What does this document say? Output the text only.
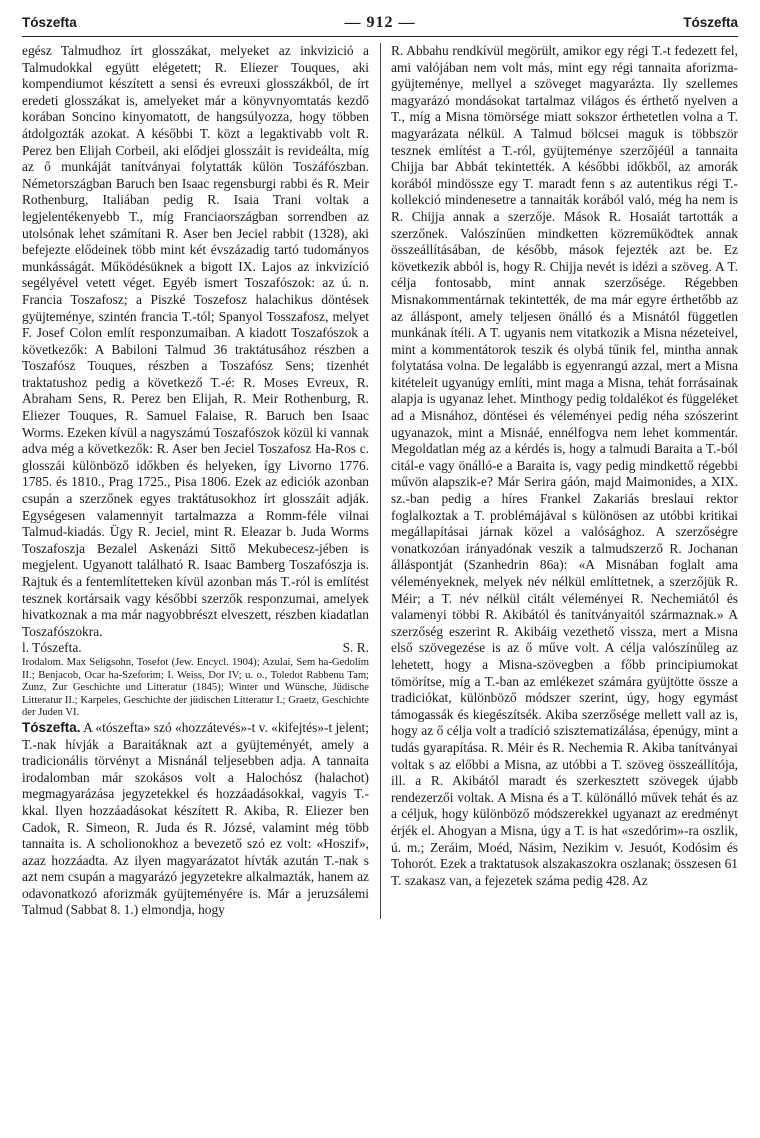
Tószefta	— 912 —	Tószefta

egész Talmudhoz írt glosszákat, melyeket az inkvizició a Talmudokkal együtt elégetett; R. Eliezer Touques, aki kompendiumot készített a sensi és evreuxi glosszákból, de írt eredeti glosszákat is, amelyeket már a könyvnyomtatás kezdő korában Soncino kinyomatott, de hangsúlyozza, hogy többen átdolgozták azokat. A későbbi T. közt a legaktivabb volt R. Perez ben Elijah Corbeil, aki elődjei glosszáit is revideálta, míg az ő munkáját tanítványai folytatták külön Toszáfószban. Németországban Baruch ben Isaac regensburgi rabbi és R. Meir Rothenburg, Italiában pedig R. Isaia Trani voltak a legjelentékenyebb T., míg Franciaországban sorrendben az utolsónak lehet számítani R. Aser ben Jeciel rabbit (1328), aki befejezte elődeinek több mint két évszázadig tartó tudományos munkásságát. Működésüknek a bigott IX. Lajos az inkvizíció segélyével vetett véget. Egyéb ismert Toszafószok: az ú. n. Francia Toszafosz; a Piszké Toszefosz halachikus döntések gyüjteménye, szintén francia T.-tól; Spanyol Tosszafosz, melyet F. Josef Colon említ responzumaiban. A kiadott Toszafószok a következők: A Babiloni Talmud 36 traktátusához részben a Toszafósz Touques, részben a Toszafósz Sens; tizenhét traktatushoz pedig a következő T.-é: R. Moses Evreux, R. Abraham Sens, R. Perez ben Elijah, R. Meir Rothenburg, R. Eliezer Touques, R. Samuel Falaise, R. Baruch ben Isaac Worms. Ezeken kívül a nagyszámú Toszafószok közül ki vannak adva még a következők: R. Aser ben Jeciel Toszafosz Ha-Ros c. glosszái különböző időkben és helyeken, így Livorno 1776. 1785. és 1810., Prag 1725., Pisa 1806. Ezek az ediciók azonban csupán a szerzőnek egyes traktátusokhoz írt glosszáit adják. Egységesen valamennyit tartalmazza a Romm-féle vilnai Talmud-kiadás. Ügy R. Jeciel, mint R. Eleazar b. Juda Worms Toszafoszja Bezalel Askenázi Sittő Mekubecesz-jében is megjelent. Ugyanott található R. Isaac Bamberg Toszafószja is. Rajtuk és a fentemlítetteken kívül azonban más T.-ról is említést tesznek kortársaik vagy későbbi szerzők responzumai, amelyek hivatkoznak a ma már nagyobbrészt elveszett, részben kiadatlan Toszafószokra.

l. Tószefta.	S. R.

Irodalom. Max Seligsohn, Tosefot (Jew. Encycl. 1904); Azulai, Sem ha-Gedolim II.; Benjacob, Ocar ha-Szeforim; I. Weiss, Dor IV; u. o., Toledot Rabbenu Tam; Zunz, Zur Geschichte und Litteratur (1845); Winter und Wünsche, Jüdische Litteratur II.; Karpeles, Geschichte der jüdischen Litteratur I.; Graetz, Geschichte der Juden VI.

Tószefta. A «tószefta» szó «hozzátevés»-t v. «kifejtés»-t jelent; T.-nak hívják a Baraitáknak azt a gyüjteményét, amely a tradicionális törvényt a Misnánál teljesebben adja. A tannaita irodalomban már szokásos volt a Halochósz (halachot) megmagyarázása jegyzetekkel és hozzáadásokkal, vagyis T.-kkal. Ilyen hozzáadásokat készített R. Akiba, R. Eliezer ben Cadok, R. Simeon, R. Juda és R. Józsé, valamint még több tannaita is. A scholionokhoz a bevezető szó ez volt: «Hoszif», azaz hozzáadta. Az ilyen magyarázatot hívták azután T.-nak s azt nem csupán a magyarázó jegyzetekre alkalmazták, hanem az odavonatkozó aforizmák gyüjteményére is. Már a jeruzsálemi Talmud (Sabbat 8. 1.) elmondja, hogy

R. Abbahu rendkívül megörült, amikor egy régi T.-t fedezett fel, ami valójában nem volt más, mint egy régi tannaita aforizma-gyüjteménye, mellyel a szöveget magyarázta. Ily szellemes magyarázó mondásokat tartalmaz világos és érthető nyelven a T., míg a Misna tömörsége miatt sokszor érthetetlen volna a T. magyarázata nélkül. A Talmud bölcsei maguk is többször tesznek említést a T.-ról, gyüjteménye szerzőjéül a tannaita Chijja bar Abbát tekintették. A későbbi időkből, az amorák korából mindössze egy T. maradt fenn s az autentikus régi T.-kollekció mindenesetre a tannaiták korából való, még ha nem is R. Chijja annak a szerzője. Mások R. Hosaiát tartották a szerzőnek. Valószínűen mindketten közreműködtek annak összeállításában, de később, mások fejezték azt be. Ez következik abból is, hogy R. Chijja nevét is idézi a szöveg. A T. célja fontosabb, mint annak szerzősége. Régebben Misnakommentárnak tekintették, de ma már egyre érthetőbb az az álláspont, amely teljesen önálló és a Misnától független munkának ítéli. A T. ugyanis nem vitatkozik a Misna nézeteivel, mint a kommentátorok teszik és olybá tűnik fel, mintha annak folytatása volna. De legalább is egyenrangú azzal, mert a Misna kitételeit ugyanúgy említi, mint maga a Misna, tehát forrásainak alapja is ugyanaz lehet. Minthogy pedig toldalékot és függeléket ad a Misnához, döntései és véleményei pedig néha szószerint ugyanazok, mint a Misnáé, ennélfogva nem lehet kommentár. Megoldatlan még az a kérdés is, hogy a talmudi Baraita a T.-ból citál-e vagy önálló-e a Baraita is, vagy pedig mindkettő régebbi művön alapszik-e? Már Serira gáón, majd Maimonides, a XIX. sz.-ban pedig a híres Frankel Zakariás breslaui rektor foglalkoztak a T. problémájával s különösen az utóbbi kritikai megállapításai járnak közel a valósághoz. A szerzőségre vonatkozóan irányadónak veszik a talmudszerző R. Jochanan álláspontját (Szanhedrin 86a): «A Misnában foglalt ama véleményeknek, melyek név nélkül említtetnek, a szerzőjük R. Méir; a T. név nélkül citált véleményei R. Nechemiától és valamenyi többi R. Akibától és tanítványaitól származnak.» A szerzőség eszerint R. Akibáig vezethető vissza, mert a Misna első szövegezése is az ő műve volt. A célja valószínűleg az lehetett, hogy a Misna-szövegben a főbb principiumokat tömörítse, míg a T.-ban az emlékezet számára gyüjtötte össze a tradiciókat, különböző módszer szerint, úgy, hogy egymást támogassák és kiegészítsék. Akiba szerzősége mellett vall az is, hogy az ő célja volt a tradíció szisztematizálása, épenúgy, mint a tudás gyarapítása. R. Méir és R. Nechemia R. Akiba tanítványai voltak s az előbbi a Misna, az utóbbi a T. szöveg összeállítója, ill. a R. Akibától maradt és szerkesztett szövegek újabb rendezerzői voltak. A Misna és a T. különálló művek tehát és az a céljuk, hogy különböző módszerekkel ugyanazt az eredményt érjék el. Ahogyan a Misna, úgy a T. is hat «szedórim»-ra oszlik, ú. m.; Zeráim, Moéd, Násim, Nezikim v. Jesuót, Kodósim és Tohorót. Ezek a traktatusok alszakaszokra oszlanak; összesen 61 T. szakasz van, a fejezetek száma pedig 428. Az
